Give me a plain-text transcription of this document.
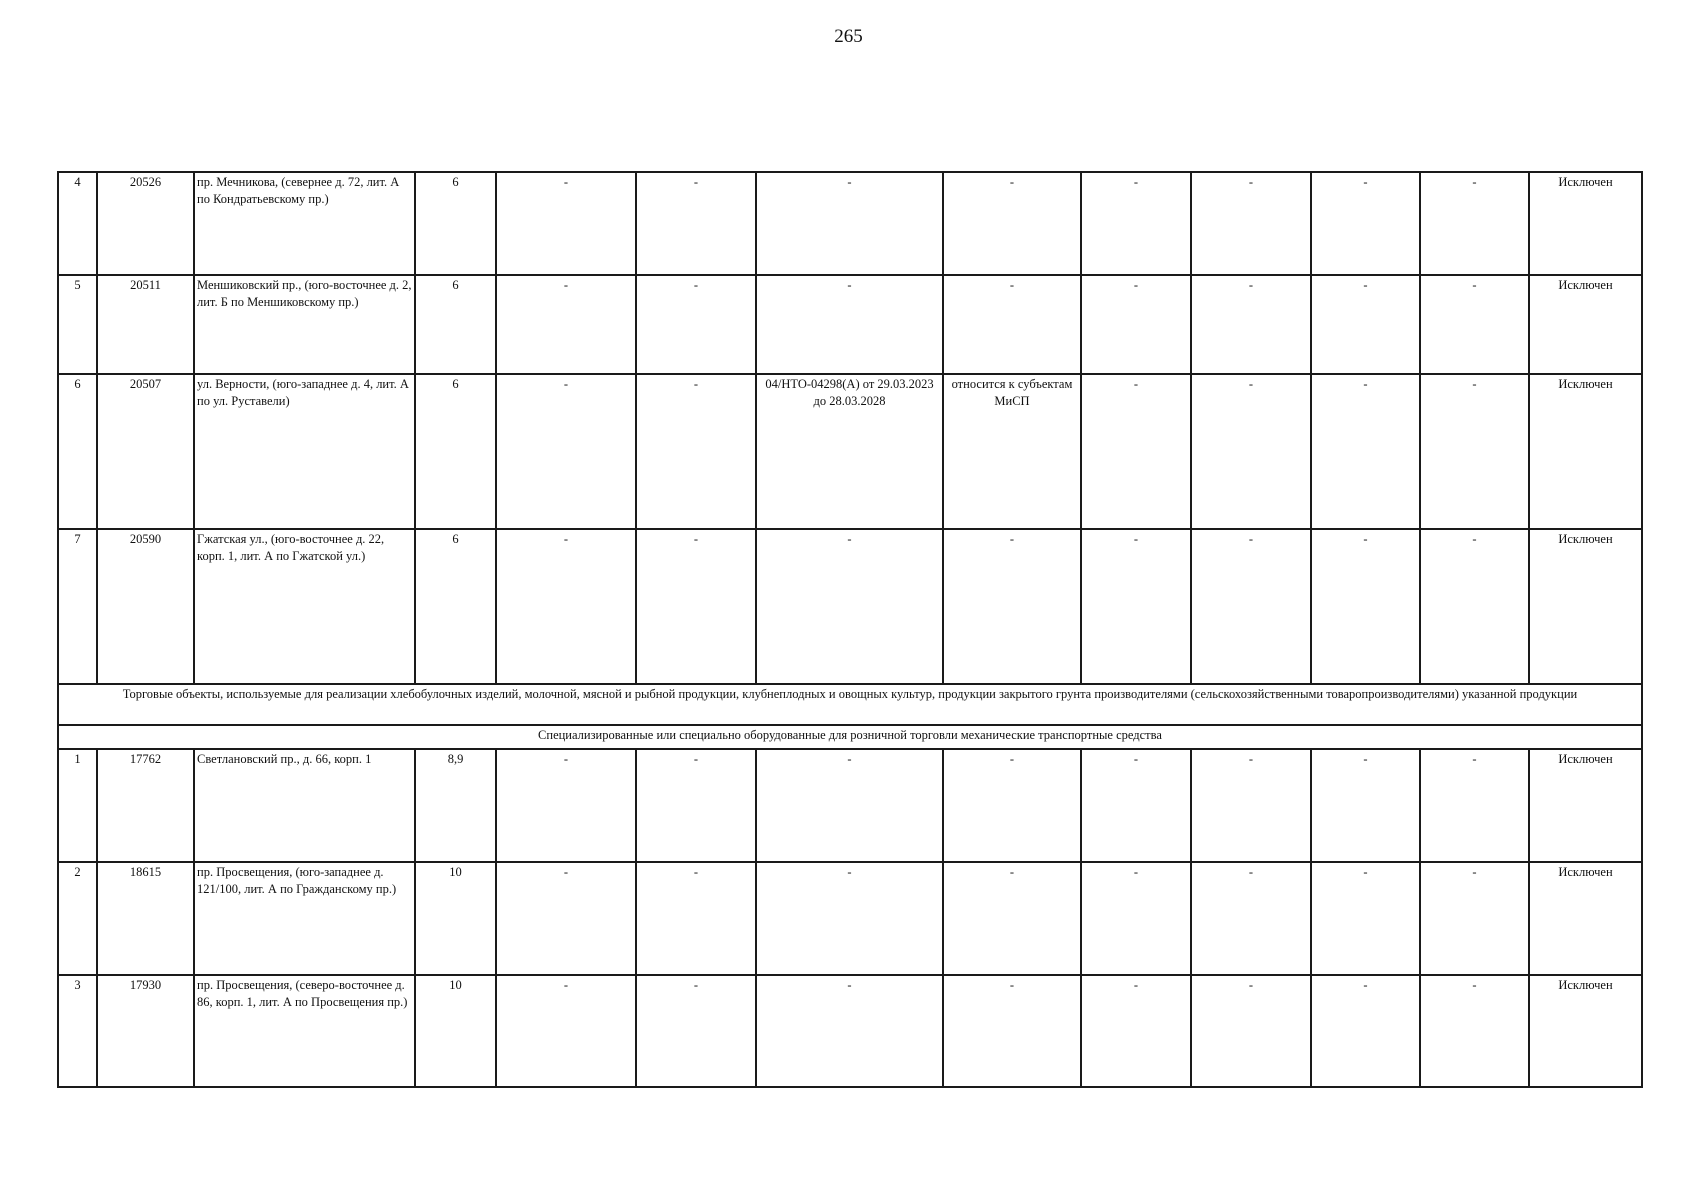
265
4	20526	пр. Мечникова, (севернее д. 72, лит. А по Кондратьевскому пр.)	6	-	-	-	-	-	-	-	-	Исключен
5	20511	Меншиковский пр., (юго-восточнее д. 2, лит. Б по Меншиковскому пр.)	6	-	-	-	-	-	-	-	-	Исключен
6	20507	ул. Верности, (юго-западнее д. 4, лит. А по ул. Руставели)	6	-	-	04/НТО-04298(А) от 29.03.2023 до 28.03.2028	относится к субъектам МиСП	-	-	-	-	Исключен
7	20590	Гжатская ул., (юго-восточнее д. 22, корп. 1, лит. А по Гжатской ул.)	6	-	-	-	-	-	-	-	-	Исключен
Торговые объекты, используемые для реализации хлебобулочных изделий, молочной, мясной и рыбной продукции, клубнеплодных и овощных культур, продукции закрытого грунта производителями (сельскохозяйственными товаропроизводителями) указанной продукции												
Специализированные или специально оборудованные для розничной торговли механические транспортные средства												
1	17762	Светлановский пр., д. 66, корп. 1	8,9	-	-	-	-	-	-	-	-	Исключен
2	18615	пр. Просвещения, (юго-западнее д. 121/100, лит. А по Гражданскому пр.)	10	-	-	-	-	-	-	-	-	Исключен
3	17930	пр. Просвещения, (северо-восточнее д. 86, корп. 1, лит. А по Просвещения пр.)	10	-	-	-	-	-	-	-	-	Исключен
